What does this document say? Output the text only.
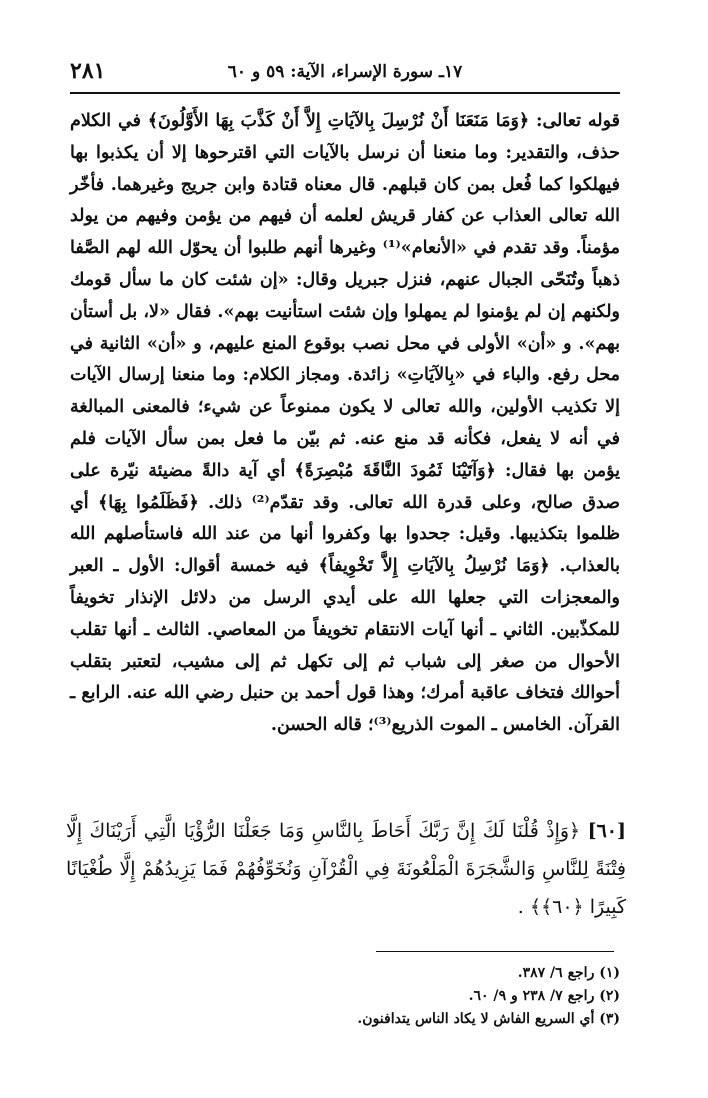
١٧ـ سورة الإسراء، الآية: ٥٩ و ٦٠
٢٨١

قوله تعالى: ﴿وَمَا مَنَعَنَا أَنْ نُرْسِلَ بِالآيَاتِ إِلاَّ أَنْ كَذَّبَ بِهَا الأَوَّلُونَ﴾ في الكلام حذف، والتقدير: وما منعنا أن نرسل بالآيات التي اقترحوها إلا أن يكذبوا بها فيهلكوا كما فُعل بمن كان قبلهم. قال معناه قتادة وابن جريج وغيرهما. فأخّر الله تعالى العذاب عن كفار قريش لعلمه أن فيهم من يؤمن وفيهم من يولد مؤمناً. وقد تقدم في «الأنعام»⁽¹⁾ وغيرها أنهم طلبوا أن يحوّل الله لهم الصَّفا ذهباً وتُنَحّى الجبال عنهم، فنزل جبريل وقال: «إن شئت كان ما سأل قومك ولكنهم إن لم يؤمنوا لم يمهلوا وإن شئت استأنيت بهم». فقال «لا، بل أستأن بهم». و «أن» الأولى في محل نصب بوقوع المنع عليهم، و «أن» الثانية في محل رفع. والباء في «بِالآيَاتِ» زائدة. ومجاز الكلام: وما منعنا إرسال الآيات إلا تكذيب الأولين، والله تعالى لا يكون ممنوعاً عن شيء؛ فالمعنى المبالغة في أنه لا يفعل، فكأنه قد منع عنه. ثم بيّن ما فعل بمن سأل الآيات فلم يؤمن بها فقال: ﴿وَآتَيْنَا ثَمُودَ النَّاقَةَ مُبْصِرَةً﴾ أي آية دالةً مضيئة نيّرة على صدق صالح، وعلى قدرة الله تعالى. وقد تقدّم⁽²⁾ ذلك. ﴿فَظَلَمُوا بِهَا﴾ أي ظلموا بتكذيبها. وقيل: جحدوا بها وكفروا أنها من عند الله فاستأصلهم الله بالعذاب. ﴿وَمَا نُرْسِلُ بِالآيَاتِ إِلاَّ تَخْوِيفاً﴾ فيه خمسة أقوال: الأول ـ العبر والمعجزات التي جعلها الله على أيدي الرسل من دلائل الإنذار تخويفاً للمكذّبين. الثاني ـ أنها آيات الانتقام تخويفاً من المعاصي. الثالث ـ أنها تقلب الأحوال من صغر إلى شباب ثم إلى تكهل ثم إلى مشيب، لتعتبر بتقلب أحوالك فتخاف عاقبة أمرك؛ وهذا قول أحمد بن حنبل رضي الله عنه. الرابع ـ القرآن. الخامس ـ الموت الذريع⁽³⁾؛ قاله الحسن.

[٦٠] ﴿وَإِذْ قُلْنَا لَكَ إِنَّ رَبَّكَ أَحَاطَ بِالنَّاسِ وَمَا جَعَلْنَا الرُّؤْيَا الَّتِي أَرَيْنَاكَ إِلَّا فِتْنَةً لِلنَّاسِ وَالشَّجَرَةَ الْمَلْعُونَةَ فِي الْقُرْآنِ وَنُخَوِّفُهُمْ فَمَا يَزِيدُهُمْ إِلَّا طُغْيَانًا كَبِيرًا ﴿٦٠﴾﴾ .

(١) راجع ٦/ ٣٨٧.

(٢) راجع ٧/ ٢٣٨ و ٩/ ٦٠.

(٣) أي السريع الفاش لا يكاد الناس يتدافنون.
